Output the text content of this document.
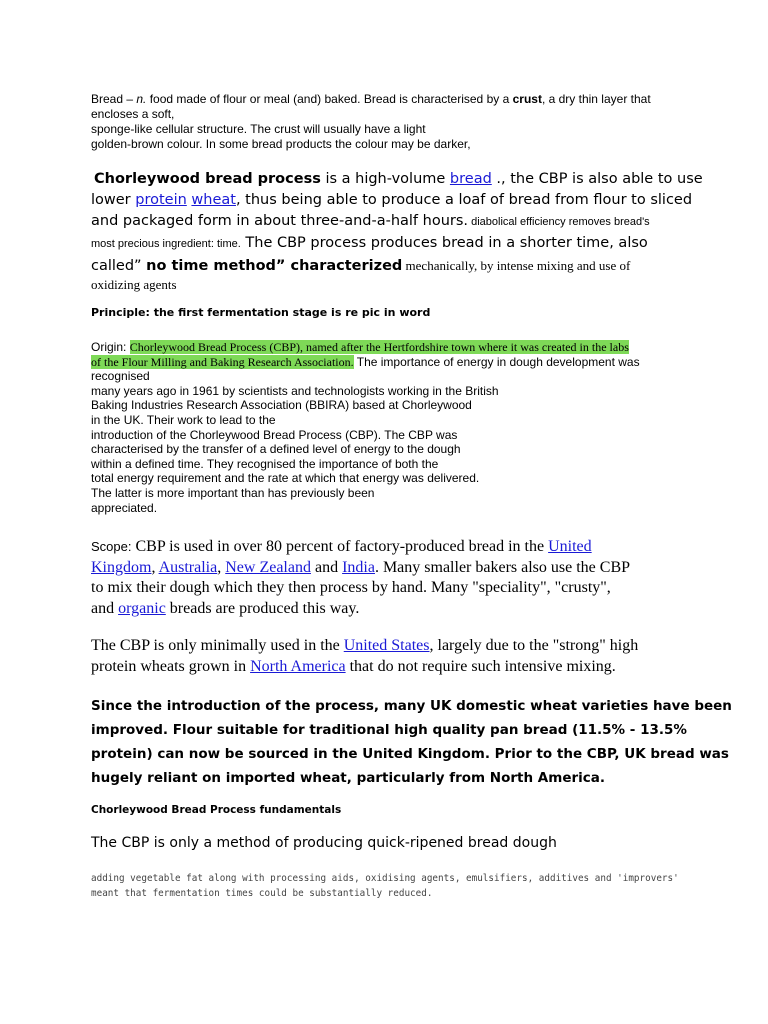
Bread – n. food made of flour or meal (and) baked. Bread is characterised by a crust, a dry thin layer that
encloses a soft,
sponge-like cellular structure. The crust will usually have a light
golden-brown colour. In some bread products the colour may be darker,
Chorleywood bread process is a high-volume bread ., the CBP is also able to use
lower protein wheat, thus being able to produce a loaf of bread from flour to sliced
and packaged form in about three-and-a-half hours. diabolical efficiency removes bread's
most precious ingredient: time. The CBP process produces bread in a shorter time, also
called” no time method” characterized mechanically, by intense mixing and use of
oxidizing agents
Principle: the first fermentation stage is re pic in word
Origin: Chorleywood Bread Process (CBP), named after the Hertfordshire town where it was created in the labs
of the Flour Milling and Baking Research Association. The importance of energy in dough development was
recognised
many years ago in 1961 by scientists and technologists working in the British
Baking Industries Research Association (BBIRA) based at Chorleywood
in the UK. Their work to lead to the
introduction of the Chorleywood Bread Process (CBP). The CBP was
characterised by the transfer of a defined level of energy to the dough
within a defined time. They recognised the importance of both the
total energy requirement and the rate at which that energy was delivered.
The latter is more important than has previously been
appreciated.
Scope: CBP is used in over 80 percent of factory-produced bread in the United
Kingdom, Australia, New Zealand and India. Many smaller bakers also use the CBP
to mix their dough which they then process by hand. Many "speciality", "crusty",
and organic breads are produced this way.
The CBP is only minimally used in the United States, largely due to the "strong" high
protein wheats grown in North America that do not require such intensive mixing.
Since the introduction of the process, many UK domestic wheat varieties have been
improved. Flour suitable for traditional high quality pan bread (11.5% - 13.5%
protein) can now be sourced in the United Kingdom. Prior to the CBP, UK bread was
hugely reliant on imported wheat, particularly from North America.
Chorleywood Bread Process fundamentals
The CBP is only a method of producing quick-ripened bread dough
adding vegetable fat along with processing aids, oxidising agents, emulsifiers, additives and 'improvers'
meant that fermentation times could be substantially reduced.
